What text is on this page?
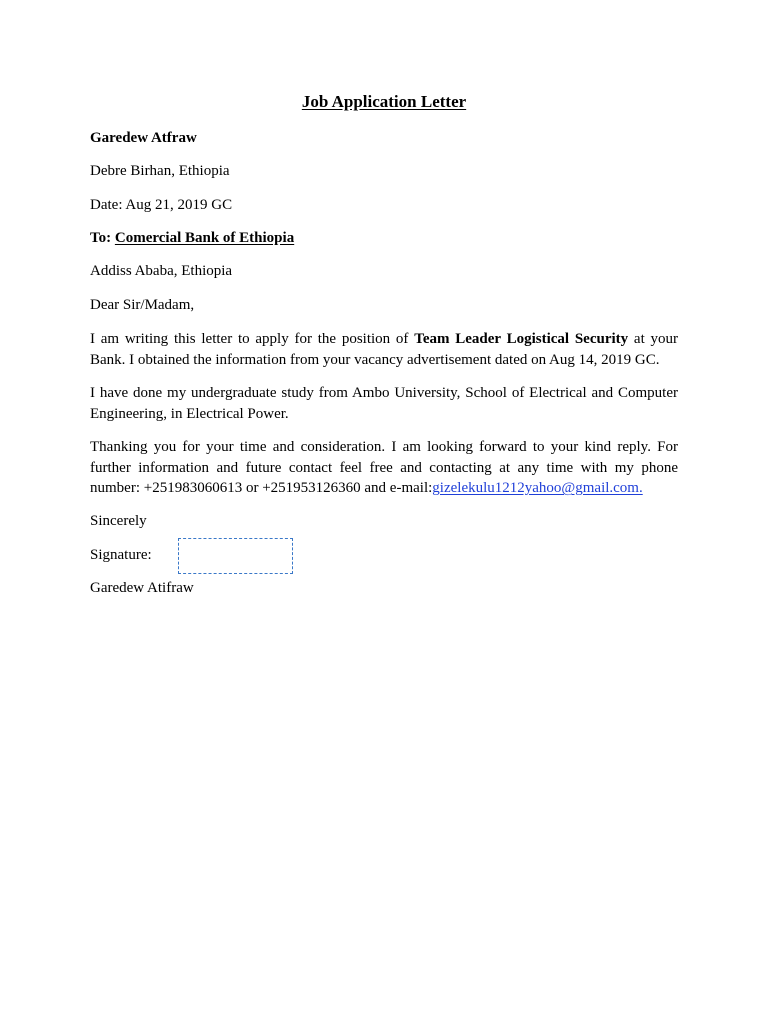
Job Application Letter
Garedew Atfraw
Debre Birhan, Ethiopia
Date: Aug 21, 2019 GC
To: Comercial Bank of Ethiopia
Addiss Ababa, Ethiopia
Dear Sir/Madam,
I am writing this letter to apply for the position of Team Leader Logistical Security at your Bank. I obtained the information from your vacancy advertisement dated on Aug 14, 2019 GC.
I have done my undergraduate study from Ambo University, School of Electrical and Computer Engineering, in Electrical Power.
Thanking you for your time and consideration. I am looking forward to your kind reply. For further information and future contact feel free and contacting at any time with my phone number: +251983060613 or +251953126360 and e-mail:gizelekulu1212yahoo@gmail.com.
Sincerely
Signature:
Garedew Atifraw
